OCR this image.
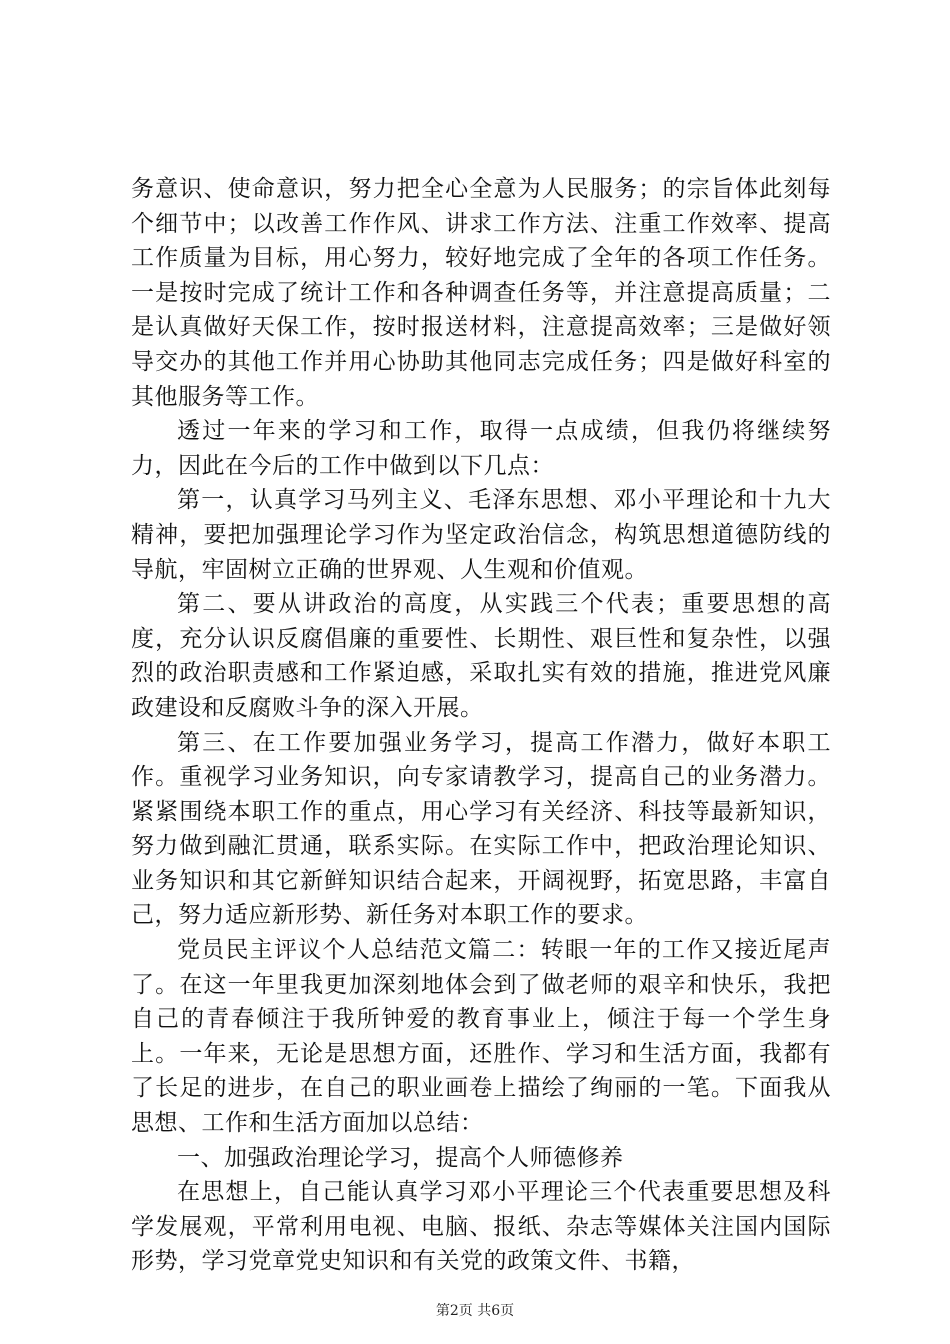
务意识、使命意识，努力把全心全意为人民服务；的宗旨体此刻每个细节中；以改善工作作风、讲求工作方法、注重工作效率、提高工作质量为目标，用心努力，较好地完成了全年的各项工作任务。一是按时完成了统计工作和各种调查任务等，并注意提高质量；二是认真做好天保工作，按时报送材料，注意提高效率；三是做好领导交办的其他工作并用心协助其他同志完成任务；四是做好科室的其他服务等工作。

透过一年来的学习和工作，取得一点成绩，但我仍将继续努力，因此在今后的工作中做到以下几点：

第一，认真学习马列主义、毛泽东思想、邓小平理论和十九大精神，要把加强理论学习作为坚定政治信念，构筑思想道德防线的导航，牢固树立正确的世界观、人生观和价值观。

第二、要从讲政治的高度，从实践三个代表；重要思想的高度，充分认识反腐倡廉的重要性、长期性、艰巨性和复杂性，以强烈的政治职责感和工作紧迫感，采取扎实有效的措施，推进党风廉政建设和反腐败斗争的深入开展。

第三、在工作要加强业务学习，提高工作潜力，做好本职工作。重视学习业务知识，向专家请教学习，提高自己的业务潜力。紧紧围绕本职工作的重点，用心学习有关经济、科技等最新知识，努力做到融汇贯通，联系实际。在实际工作中，把政治理论知识、业务知识和其它新鲜知识结合起来，开阔视野，拓宽思路，丰富自己，努力适应新形势、新任务对本职工作的要求。

党员民主评议个人总结范文篇二：转眼一年的工作又接近尾声了。在这一年里我更加深刻地体会到了做老师的艰辛和快乐，我把自己的青春倾注于我所钟爱的教育事业上，倾注于每一个学生身上。一年来，无论是思想方面，还胜作、学习和生活方面，我都有了长足的进步，在自己的职业画卷上描绘了绚丽的一笔。下面我从思想、工作和生活方面加以总结：

一、加强政治理论学习，提高个人师德修养

在思想上，自己能认真学习邓小平理论三个代表重要思想及科学发展观，平常利用电视、电脑、报纸、杂志等媒体关注国内国际形势，学习党章党史知识和有关党的政策文件、书籍，

第2页 共6页
